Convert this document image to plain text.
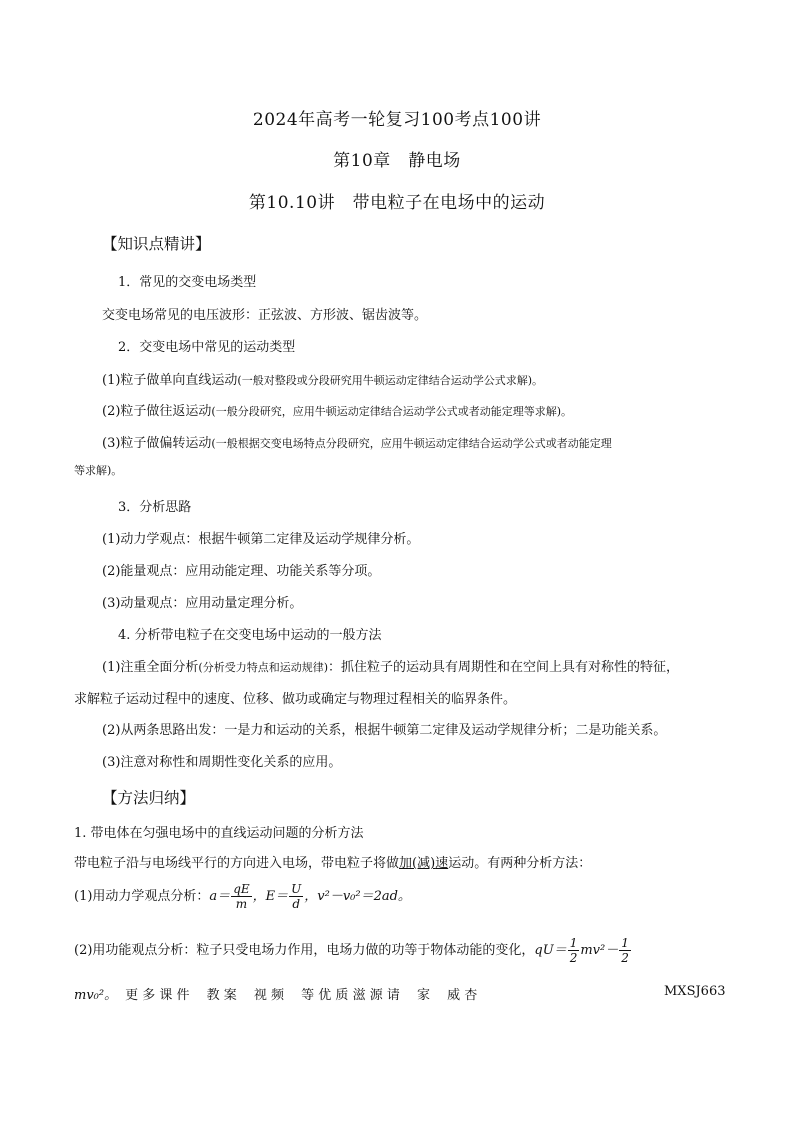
2024年高考一轮复习100考点100讲
第10章　静电场
第10.10讲　带电粒子在电场中的运动
【知识点精讲】
1．常见的交变电场类型
交变电场常见的电压波形：正弦波、方形波、锯齿波等。
2．交变电场中常见的运动类型
(1)粒子做单向直线运动(一般对整段或分段研究用牛顿运动定律结合运动学公式求解)。
(2)粒子做往返运动(一般分段研究，应用牛顿运动定律结合运动学公式或者动能定理等求解)。
(3)粒子做偏转运动(一般根据交变电场特点分段研究，应用牛顿运动定律结合运动学公式或者动能定理
等求解)。
3．分析思路
(1)动力学观点：根据牛顿第二定律及运动学规律分析。
(2)能量观点：应用动能定理、功能关系等分项。
(3)动量观点：应用动量定理分析。
4. 分析带电粒子在交变电场中运动的一般方法
(1)注重全面分析(分析受力特点和运动规律)：抓住粒子的运动具有周期性和在空间上具有对称性的特征，
求解粒子运动过程中的速度、位移、做功或确定与物理过程相关的临界条件。
(2)从两条思路出发：一是力和运动的关系，根据牛顿第二定律及运动学规律分析；二是功能关系。
(3)注意对称性和周期性变化关系的应用。
【方法归纳】
1. 带电体在匀强电场中的直线运动问题的分析方法
带电粒子沿与电场线平行的方向进入电场，带电粒子将做加(减)速运动。有两种分析方法：
(1)用动力学观点分析：$a= \frac{qE}{m}$ ，$E= \frac{U}{d}$ ，v²－v₀²＝2ad。
(2)用功能观点分析：粒子只受电场力作用，电场力做的功等于物体动能的变化，$qU= \frac{1}{2} mv^2- \frac{1}{2}$
mv₀²。 更 多 课 件　 教 案　 视 频　 等 优 质 滋 源 请　 家　 威 杏	MXSJ663
